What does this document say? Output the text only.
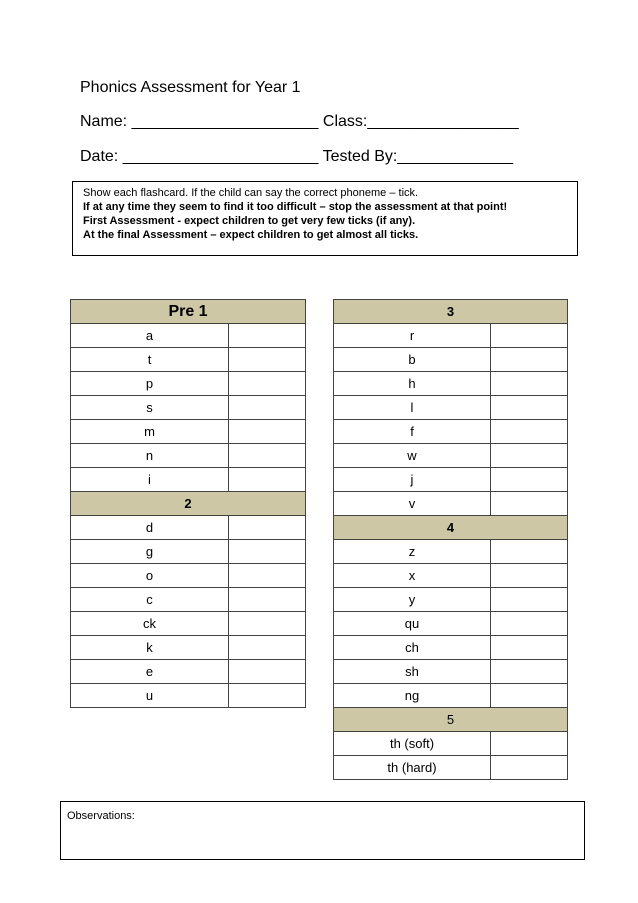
Phonics Assessment for Year 1
Name: _____________________ Class:_________________
Date: ______________________ Tested By:_____________
Show each flashcard. If the child can say the correct phoneme – tick.
If at any time they seem to find it too difficult – stop the assessment at that point!
First Assessment - expect children to get very few ticks (if any).
At the final Assessment – expect children to get almost all ticks.
Pre 1	
a	
t	
p	
s	
m	
n	
i	
2	
d	
g	
o	
c	
ck	
k	
e	
u	
3	
r	
b	
h	
l	
f	
w	
j	
v	
4	
z	
x	
y	
qu	
ch	
sh	
ng	
5	
th (soft)	
th (hard)	
Observations:
